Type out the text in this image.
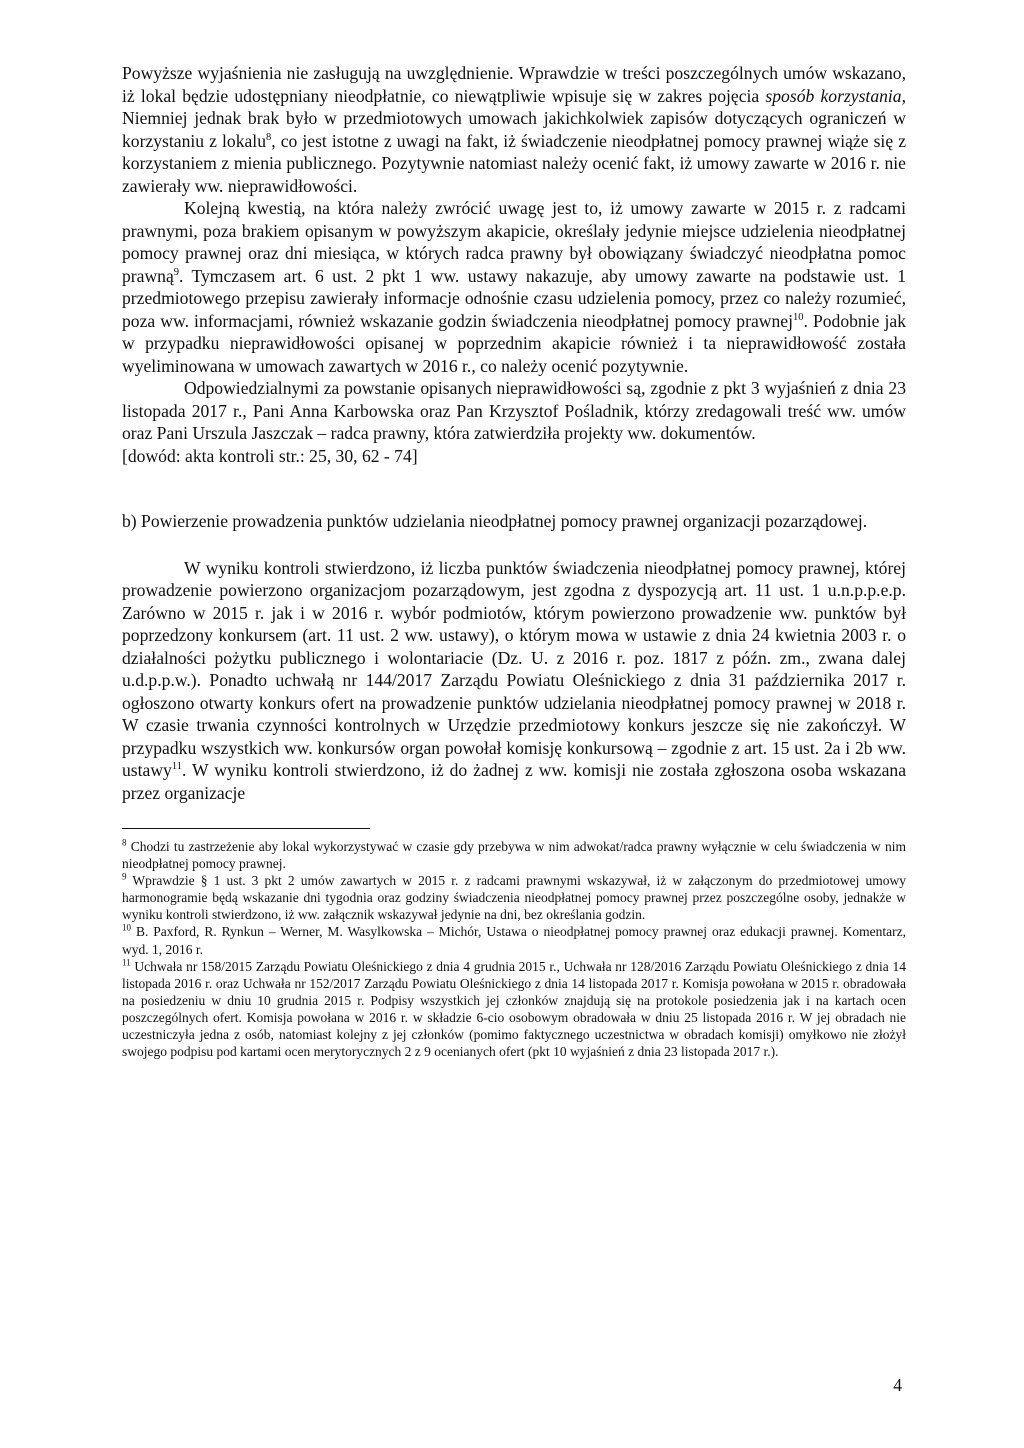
Powyższe wyjaśnienia nie zasługują na uwzględnienie. Wprawdzie w treści poszczególnych umów wskazano, iż lokal będzie udostępniany nieodpłatnie, co niewątpliwie wpisuje się w zakres pojęcia sposób korzystania, Niemniej jednak brak było w przedmiotowych umowach jakichkolwiek zapisów dotyczących ograniczeń w korzystaniu z lokalu$^8$, co jest istotne z uwagi na fakt, iż świadczenie nieodpłatnej pomocy prawnej wiąże się z korzystaniem z mienia publicznego. Pozytywnie natomiast należy ocenić fakt, iż umowy zawarte w 2016 r. nie zawierały ww. nieprawidłowości.

Kolejną kwestią, na która należy zwrócić uwagę jest to, iż umowy zawarte w 2015 r. z radcami prawnymi, poza brakiem opisanym w powyższym akapicie, określały jedynie miejsce udzielenia nieodpłatnej pomocy prawnej oraz dni miesiąca, w których radca prawny był obowiązany świadczyć nieodpłatna pomoc prawną$^9$. Tymczasem art. 6 ust. 2 pkt 1 ww. ustawy nakazuje, aby umowy zawarte na podstawie ust. 1 przedmiotowego przepisu zawierały informacje odnośnie czasu udzielenia pomocy, przez co należy rozumieć, poza ww. informacjami, również wskazanie godzin świadczenia nieodpłatnej pomocy prawnej$^{10}$. Podobnie jak w przypadku nieprawidłowości opisanej w poprzednim akapicie również i ta nieprawidłowość została wyeliminowana w umowach zawartych w 2016 r., co należy ocenić pozytywnie.

Odpowiedzialnymi za powstanie opisanych nieprawidłowości są, zgodnie z pkt 3 wyjaśnień z dnia 23 listopada 2017 r., Pani Anna Karbowska oraz Pan Krzysztof Pośladnik, którzy zredagowali treść ww. umów oraz Pani Urszula Jaszczak – radca prawny, która zatwierdziła projekty ww. dokumentów.

[dowód: akta kontroli str.: 25, 30, 62 - 74]

b) Powierzenie prowadzenia punktów udzielania nieodpłatnej pomocy prawnej organizacji pozarządowej.

W wyniku kontroli stwierdzono, iż liczba punktów świadczenia nieodpłatnej pomocy prawnej, której prowadzenie powierzono organizacjom pozarządowym, jest zgodna z dyspozycją art. 11 ust. 1 u.n.p.p.e.p. Zarówno w 2015 r. jak i w 2016 r. wybór podmiotów, którym powierzono prowadzenie ww. punktów był poprzedzony konkursem (art. 11 ust. 2 ww. ustawy), o którym mowa w ustawie z dnia 24 kwietnia 2003 r. o działalności pożytku publicznego i wolontariacie (Dz. U. z 2016 r. poz. 1817 z późn. zm., zwana dalej u.d.p.p.w.). Ponadto uchwałą nr 144/2017 Zarządu Powiatu Oleśnickiego z dnia 31 października 2017 r. ogłoszono otwarty konkurs ofert na prowadzenie punktów udzielania nieodpłatnej pomocy prawnej w 2018 r. W czasie trwania czynności kontrolnych w Urzędzie przedmiotowy konkurs jeszcze się nie zakończył. W przypadku wszystkich ww. konkursów organ powołał komisję konkursową – zgodnie z art. 15 ust. 2a i 2b ww. ustawy$^{11}$. W wyniku kontroli stwierdzono, iż do żadnej z ww. komisji nie została zgłoszona osoba wskazana przez organizacje

$^8$ Chodzi tu zastrzeżenie aby lokal wykorzystywać w czasie gdy przebywa w nim adwokat/radca prawny wyłącznie w celu świadczenia w nim nieodpłatnej pomocy prawnej.

$^9$ Wprawdzie § 1 ust. 3 pkt 2 umów zawartych w 2015 r. z radcami prawnymi wskazywał, iż w załączonym do przedmiotowej umowy harmonogramie będą wskazanie dni tygodnia oraz godziny świadczenia nieodpłatnej pomocy prawnej przez poszczególne osoby, jednakże w wyniku kontroli stwierdzono, iż ww. załącznik wskazywał jedynie na dni, bez określania godzin.

$^{10}$ B. Paxford, R. Rynkun – Werner, M. Wasylkowska – Michór, Ustawa o nieodpłatnej pomocy prawnej oraz edukacji prawnej. Komentarz, wyd. 1, 2016 r.

$^{11}$ Uchwała nr 158/2015 Zarządu Powiatu Oleśnickiego z dnia 4 grudnia 2015 r., Uchwała nr 128/2016 Zarządu Powiatu Oleśnickiego z dnia 14 listopada 2016 r. oraz Uchwała nr 152/2017 Zarządu Powiatu Oleśnickiego z dnia 14 listopada 2017 r. Komisja powołana w 2015 r. obradowała na posiedzeniu w dniu 10 grudnia 2015 r. Podpisy wszystkich jej członków znajdują się na protokole posiedzenia jak i na kartach ocen poszczególnych ofert. Komisja powołana w 2016 r. w składzie 6-cio osobowym obradowała w dniu 25 listopada 2016 r. W jej obradach nie uczestniczyła jedna z osób, natomiast kolejny z jej członków (pomimo faktycznego uczestnictwa w obradach komisji) omyłkowo nie złożył swojego podpisu pod kartami ocen merytorycznych 2 z 9 ocenianych ofert (pkt 10 wyjaśnień z dnia 23 listopada 2017 r.).

4
